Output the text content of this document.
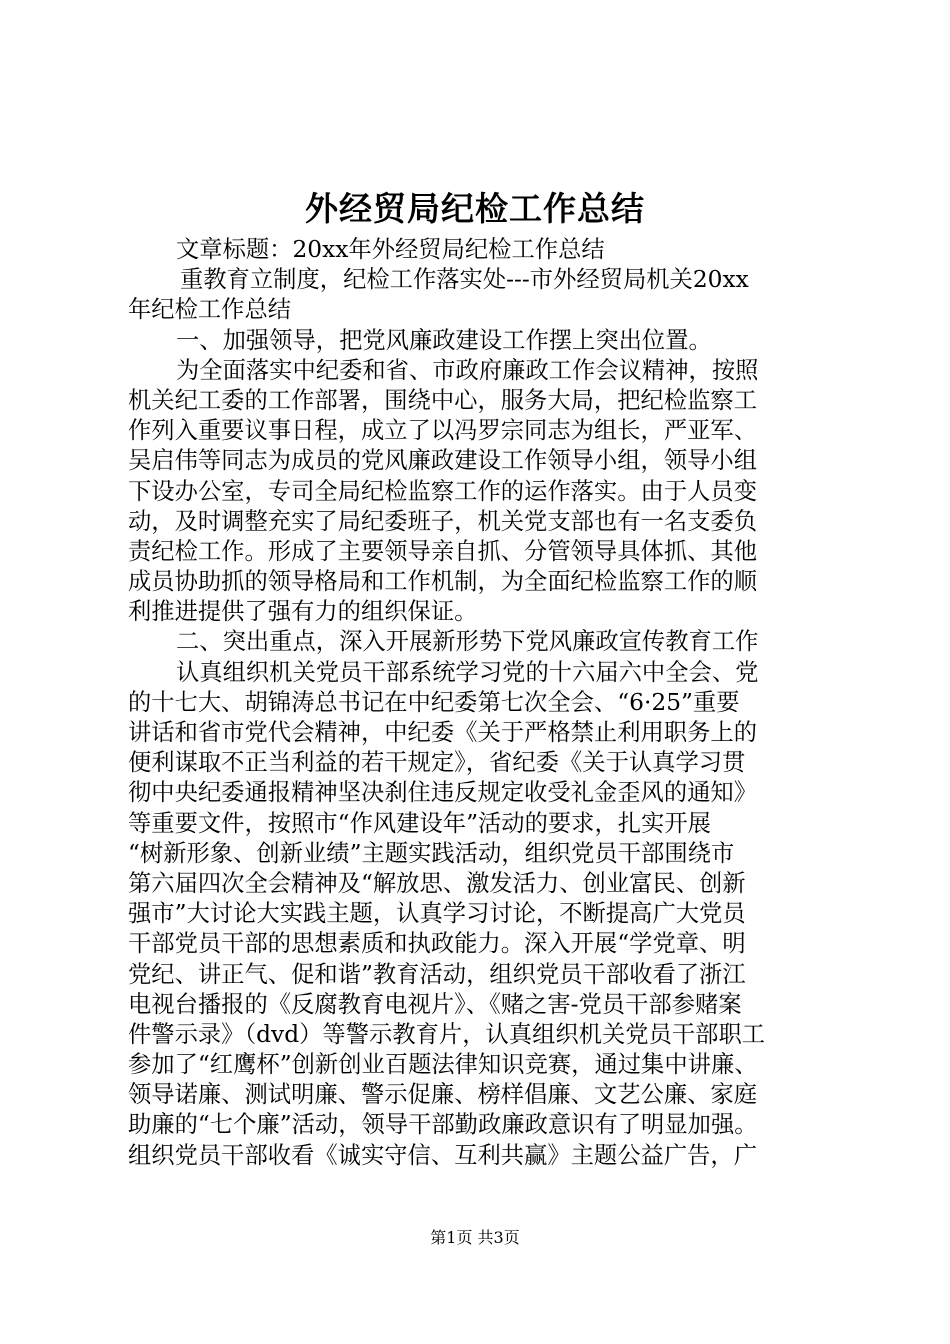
外经贸局纪检工作总结
文章标题：20xx年外经贸局纪检工作总结
重教育立制度，纪检工作落实处---市外经贸局机关20xx
年纪检工作总结
一、加强领导，把党风廉政建设工作摆上突出位置。
为全面落实中纪委和省、市政府廉政工作会议精神，按照
机关纪工委的工作部署，围绕中心，服务大局，把纪检监察工
作列入重要议事日程，成立了以冯罗宗同志为组长，严亚军、
吴启伟等同志为成员的党风廉政建设工作领导小组，领导小组
下设办公室，专司全局纪检监察工作的运作落实。由于人员变
动，及时调整充实了局纪委班子，机关党支部也有一名支委负
责纪检工作。形成了主要领导亲自抓、分管领导具体抓、其他
成员协助抓的领导格局和工作机制，为全面纪检监察工作的顺
利推进提供了强有力的组织保证。
二、突出重点，深入开展新形势下党风廉政宣传教育工作
认真组织机关党员干部系统学习党的十六届六中全会、党
的十七大、胡锦涛总书记在中纪委第七次全会、“6·25”重要
讲话和省市党代会精神，中纪委《关于严格禁止利用职务上的
便利谋取不正当利益的若干规定》，省纪委《关于认真学习贯
彻中央纪委通报精神坚决刹住违反规定收受礼金歪风的通知》
等重要文件，按照市“作风建设年”活动的要求，扎实开展
“树新形象、创新业绩”主题实践活动，组织党员干部围绕市
第六届四次全会精神及“解放思、激发活力、创业富民、创新
强市”大讨论大实践主题，认真学习讨论，不断提高广大党员
干部党员干部的思想素质和执政能力。深入开展“学党章、明
党纪、讲正气、促和谐”教育活动，组织党员干部收看了浙江
电视台播报的《反腐教育电视片》、《赌之害-党员干部参赌案
件警示录》（dvd）等警示教育片，认真组织机关党员干部职工
参加了“红鹰杯”创新创业百题法律知识竞赛，通过集中讲廉、
领导诺廉、测试明廉、警示促廉、榜样倡廉、文艺公廉、家庭
助廉的“七个廉”活动，领导干部勤政廉政意识有了明显加强。
组织党员干部收看《诚实守信、互利共赢》主题公益广告，广
第1页 共3页
